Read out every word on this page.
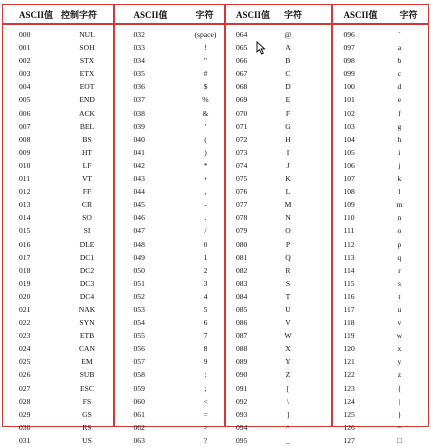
ASCII值 控制字符
000	NUL
001	SOH
002	STX
003	ETX
004	EOT
005	END
006	ACK
007	BEL
008	BS
009	HT
010	LF
011	VT
012	FF
013	CR
014	SO
015	SI
016	DLE
017	DC1
018	DC2
019	DC3
020	DC4
021	NAK
022	SYN
023	ETB
024	CAN
025	EM
026	SUB
027	ESC
028	FS
029	GS
030	RS
031	US
ASCII值	字符
032	(space)
033	!
034	"
035	#
036	$
037	%
038	&
039	'
040	(
041	)
042	*
043	+
044	,
045	-
046	.
047	/
048	0
049	1
050	2
051	3
052	4
053	5
054	6
055	7
056	8
057	9
058	:
059	;
060	<
061	=
062	>
063	?
ASCII值 字符
064	@
065	A
066	B
067	C
068	D
069	E
070	F
071	G
072	H
073	I
074	J
075	K
076	L
077	M
078	N
079	O
080	P
081	Q
082	R
083	S
084	T
085	U
086	V
087	W
088	X
089	Y
090	Z
091	[
092	\
093	]
094	^
095	_
ASCII值 字符
096	`
097	a
098	b
099	c
100	d
101	e
102	f
103	g
104	h
105	i
106	j
107	k
108	l
109	m
110	n
111	o
112	p
113	q
114	r
115	s
116	t
117	u
118	v
119	w
120	x
121	y
122	z
123	{
124	|
125	}
126	~
127	□
